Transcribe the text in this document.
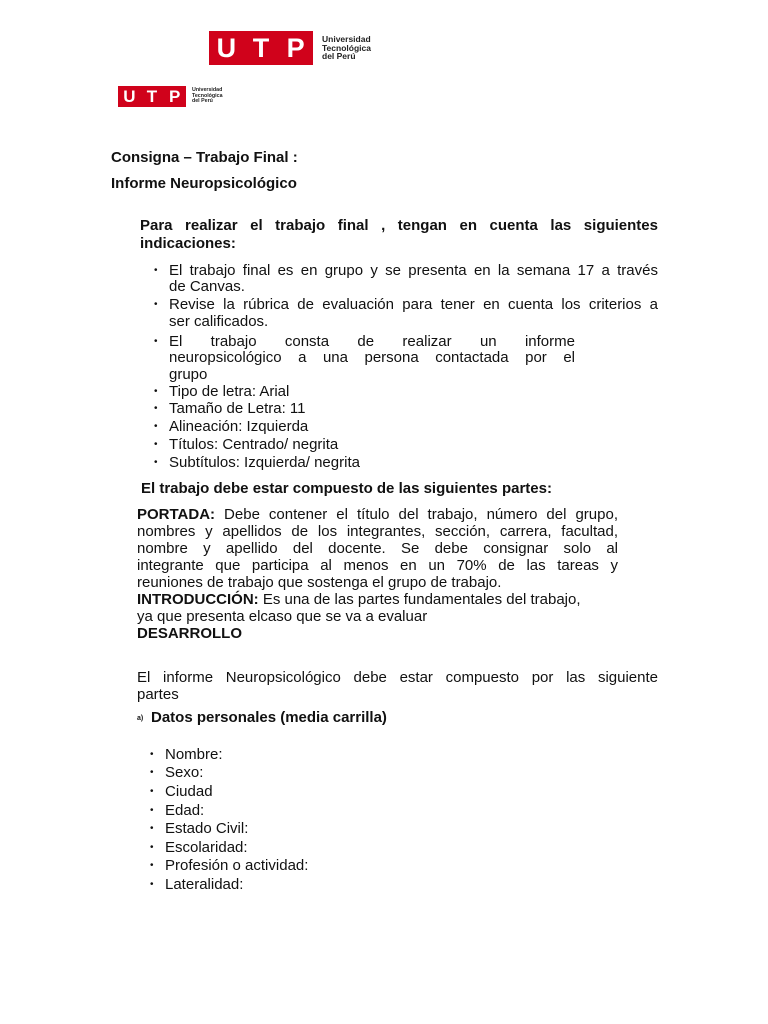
U T P	Universidad
Tecnológica
del Perú
U T P	Universidad
Tecnológica
del Perú
Consigna – Trabajo Final :
Informe Neuropsicológico
Para realizar el trabajo final , tengan en cuenta las siguientes
indicaciones:
• El trabajo final es en grupo y se presenta en la semana 17 a través
de Canvas.
• Revise la rúbrica de evaluación para tener en cuenta los criterios a
ser calificados.
• El trabajo consta de realizar un informe
neuropsicológico a una persona contactada por el
grupo
• Tipo de letra: Arial
• Tamaño de Letra: 11
• Alineación: Izquierda
• Títulos: Centrado/ negrita
• Subtítulos: Izquierda/ negrita
El trabajo debe estar compuesto de las siguientes partes:
PORTADA: Debe contener el título del trabajo, número del grupo,
nombres y apellidos de los integrantes, sección, carrera, facultad,
nombre y apellido del docente. Se debe consignar solo al
integrante que participa al menos en un 70% de las tareas y
reuniones de trabajo que sostenga el grupo de trabajo.
INTRODUCCIÓN: Es una de las partes fundamentales del trabajo,
ya que presenta elcaso que se va a evaluar
DESARROLLO
El informe Neuropsicológico debe estar compuesto por las siguiente
partes
a) Datos personales (media carrilla)
• Nombre:
• Sexo:
• Ciudad
• Edad:
• Estado Civil:
• Escolaridad:
• Profesión o actividad:
• Lateralidad:
